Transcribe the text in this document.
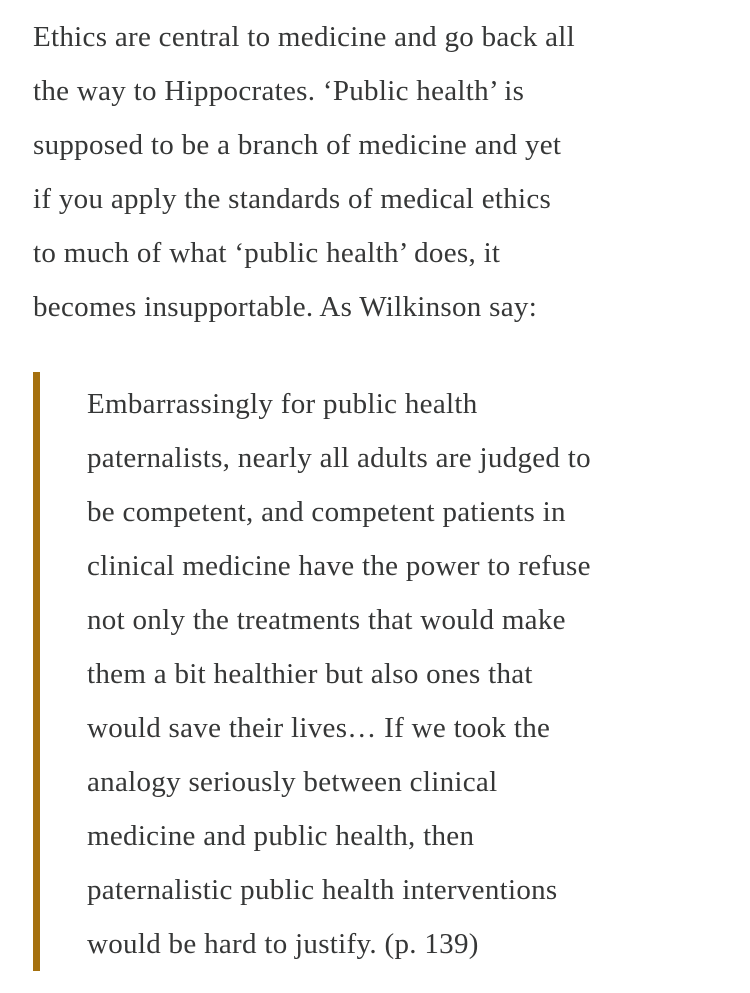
Ethics are central to medicine and go back all
the way to Hippocrates. ‘Public health’ is
supposed to be a branch of medicine and yet
if you apply the standards of medical ethics
to much of what ‘public health’ does, it
becomes insupportable. As Wilkinson say:

Embarrassingly for public health
paternalists, nearly all adults are judged to
be competent, and competent patients in
clinical medicine have the power to refuse
not only the treatments that would make
them a bit healthier but also ones that
would save their lives… If we took the
analogy seriously between clinical
medicine and public health, then
paternalistic public health interventions
would be hard to justify. (p. 139)
